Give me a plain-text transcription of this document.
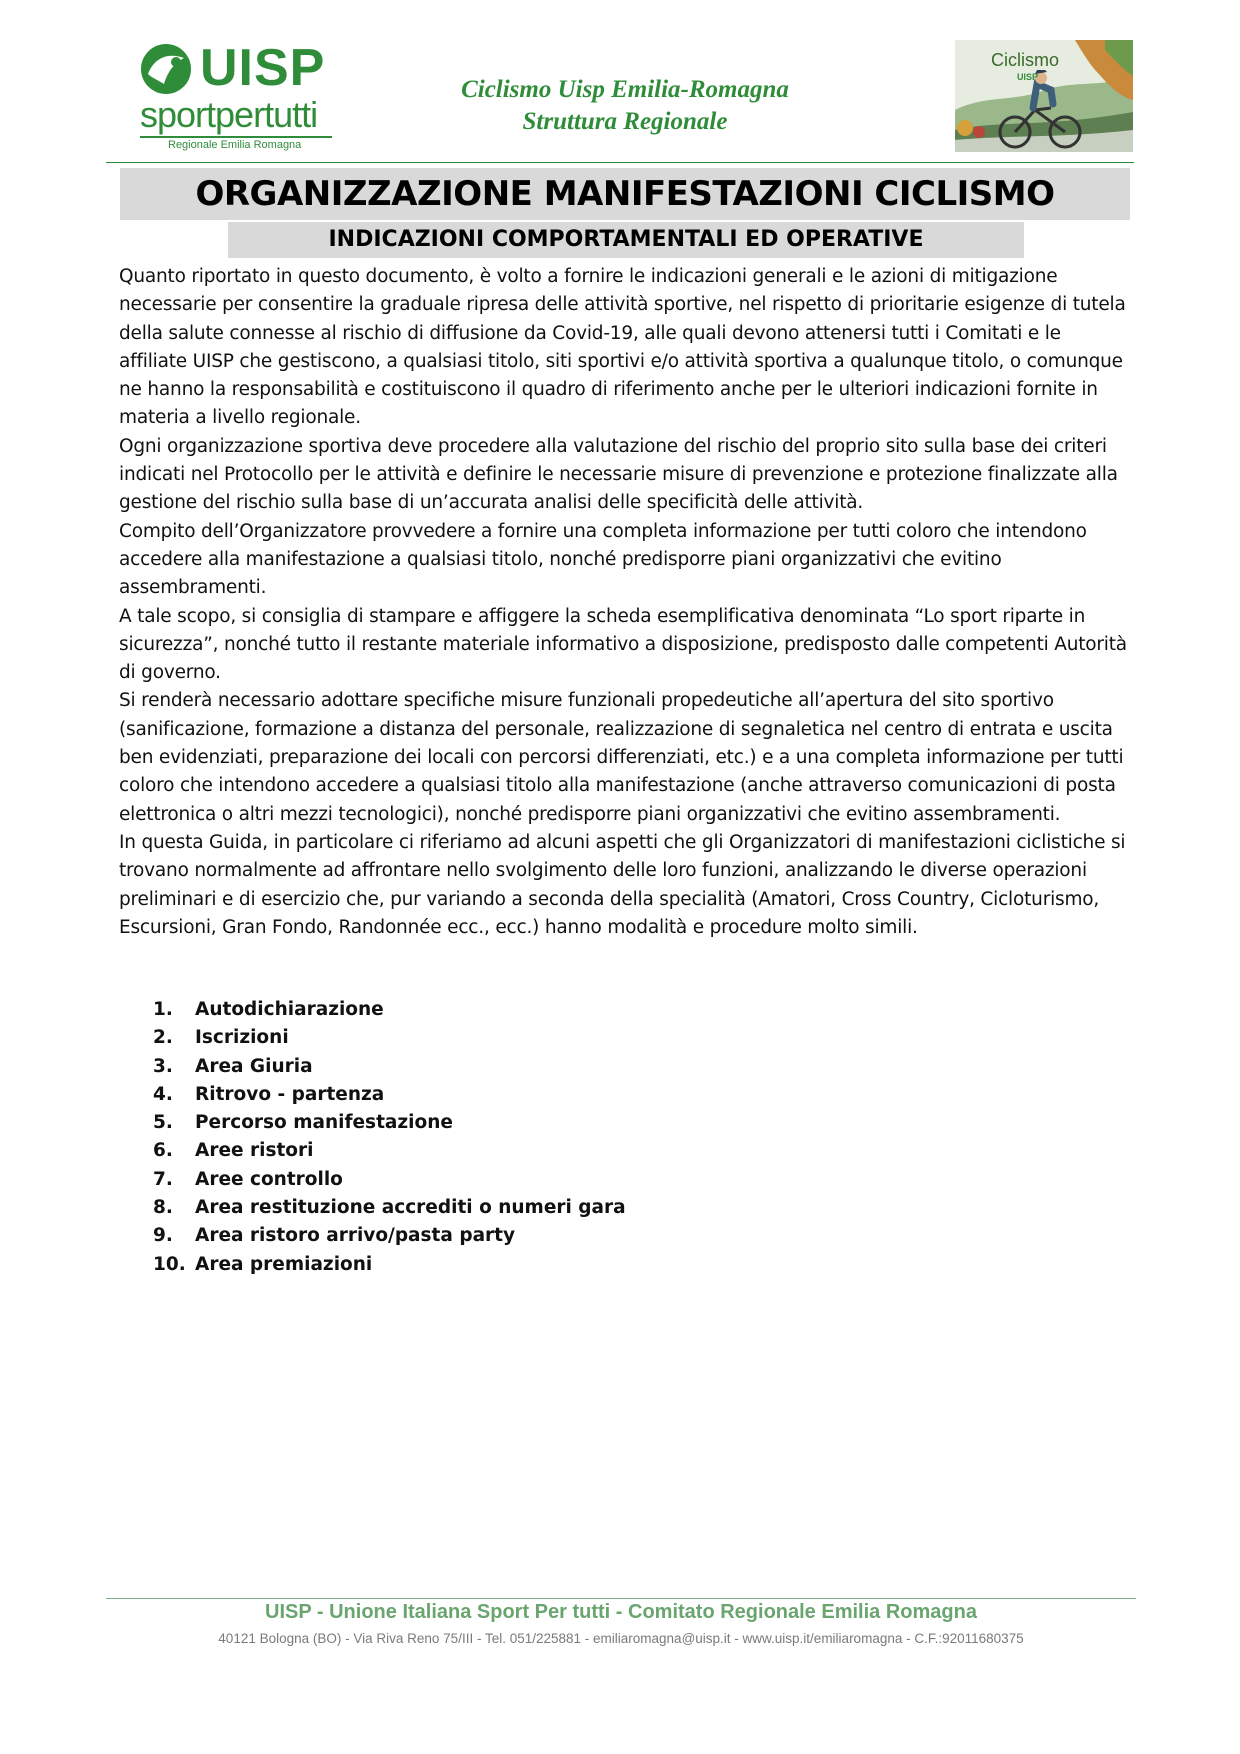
UISP
sportpertutti
Regionale Emilia Romagna
Ciclismo Uisp Emilia-Romagna
Struttura Regionale
Ciclismo
UISP
ORGANIZZAZIONE MANIFESTAZIONI CICLISMO
INDICAZIONI COMPORTAMENTALI ED OPERATIVE

Quanto riportato in questo documento, è volto a fornire le indicazioni generali e le azioni di mitigazione necessarie per consentire la graduale ripresa delle attività sportive, nel rispetto di prioritarie esigenze di tutela della salute connesse al rischio di diffusione da Covid-19, alle quali devono attenersi tutti i Comitati e le affiliate UISP che gestiscono, a qualsiasi titolo, siti sportivi e/o attività sportiva a qualunque titolo, o comunque ne hanno la responsabilità e costituiscono il quadro di riferimento anche per le ulteriori indicazioni fornite in materia a livello regionale.

Ogni organizzazione sportiva deve procedere alla valutazione del rischio del proprio sito sulla base dei criteri indicati nel Protocollo per le attività e definire le necessarie misure di prevenzione e protezione finalizzate alla gestione del rischio sulla base di un’accurata analisi delle specificità delle attività.

Compito dell’Organizzatore provvedere a fornire una completa informazione per tutti coloro che intendono accedere alla manifestazione a qualsiasi titolo, nonché predisporre piani organizzativi che evitino assembramenti.

A tale scopo, si consiglia di stampare e affiggere la scheda esemplificativa denominata “Lo sport riparte in sicurezza”, nonché tutto il restante materiale informativo a disposizione, predisposto dalle competenti Autorità di governo.

Si renderà necessario adottare specifiche misure funzionali propedeutiche all’apertura del sito sportivo (sanificazione, formazione a distanza del personale, realizzazione di segnaletica nel centro di entrata e uscita ben evidenziati, preparazione dei locali con percorsi differenziati, etc.) e a una completa informazione per tutti coloro che intendono accedere a qualsiasi titolo alla manifestazione (anche attraverso comunicazioni di posta elettronica o altri mezzi tecnologici), nonché predisporre piani organizzativi che evitino assembramenti.

In questa Guida, in particolare ci riferiamo ad alcuni aspetti che gli Organizzatori di manifestazioni ciclistiche si trovano normalmente ad affrontare nello svolgimento delle loro funzioni, analizzando le diverse operazioni preliminari e di esercizio che, pur variando a seconda della specialità (Amatori, Cross Country, Cicloturismo, Escursioni, Gran Fondo, Randonnée ecc., ecc.) hanno modalità e procedure molto simili.

1. Autodichiarazione
2. Iscrizioni
3. Area Giuria
4. Ritrovo - partenza
5. Percorso manifestazione
6. Aree ristori
7. Aree controllo
8. Area restituzione accrediti o numeri gara
9. Area ristoro arrivo/pasta party
10. Area premiazioni
UISP - Unione Italiana Sport Per tutti - Comitato Regionale Emilia Romagna
40121 Bologna (BO) - Via Riva Reno 75/III - Tel. 051/225881 - emiliaromagna@uisp.it - www.uisp.it/emiliaromagna - C.F.:92011680375
